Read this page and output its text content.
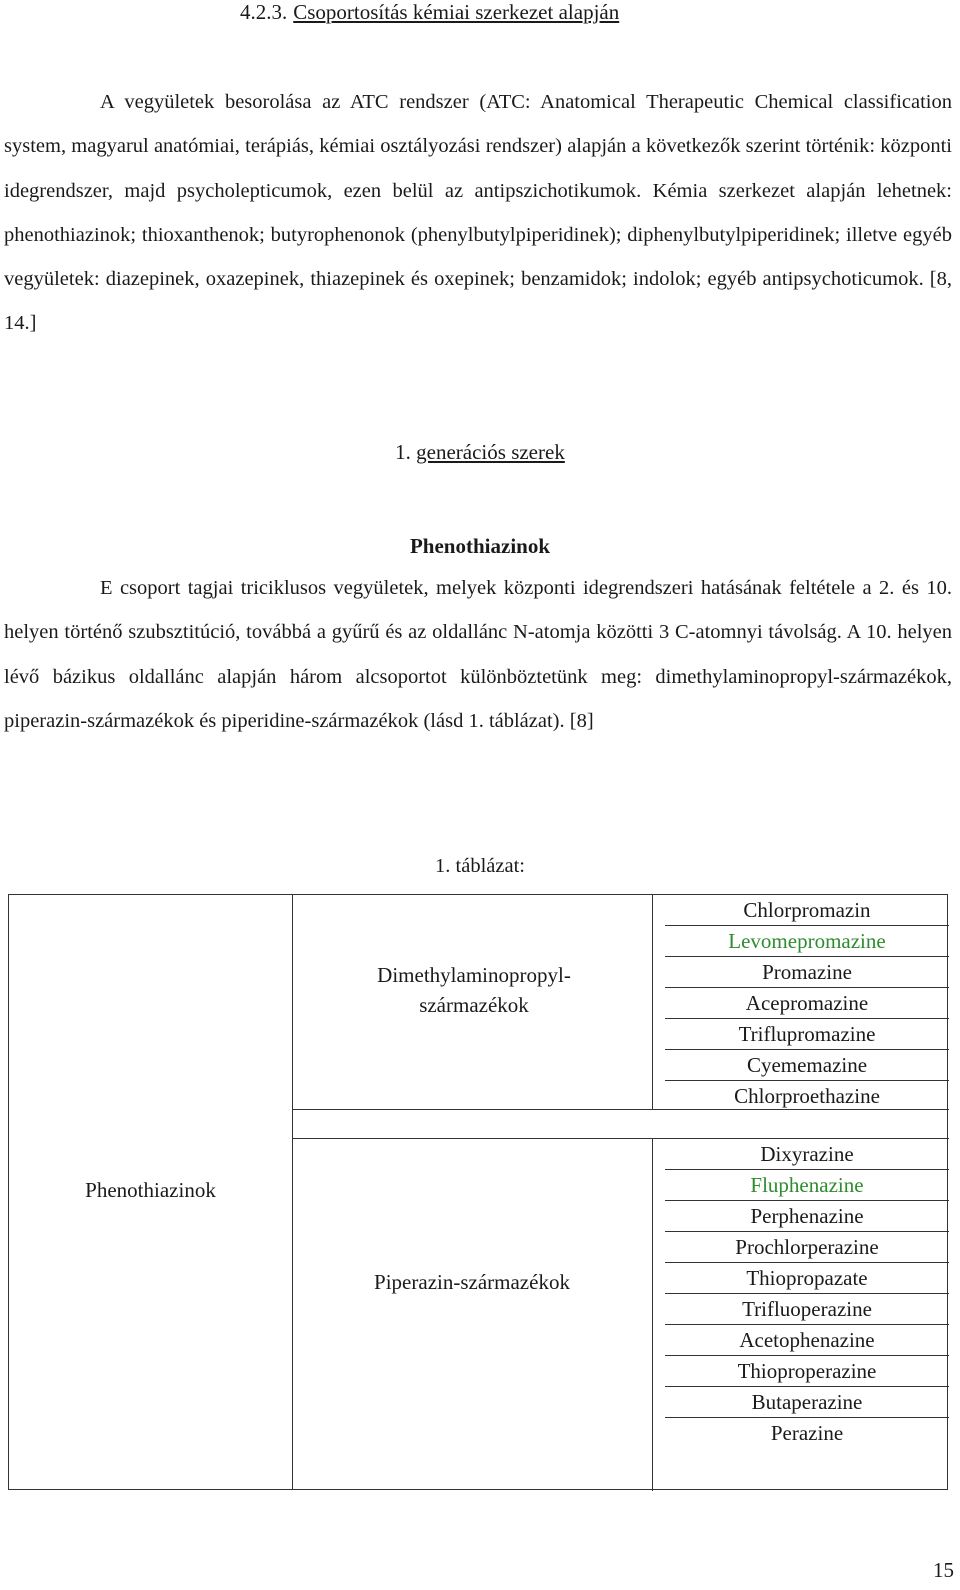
4.2.3. Csoportosítás kémiai szerkezet alapján
A vegyületek besorolása az ATC rendszer (ATC: Anatomical Therapeutic Chemical classification system, magyarul anatómiai, terápiás, kémiai osztályozási rendszer) alapján a következők szerint történik: központi idegrendszer, majd psycholepticumok, ezen belül az antipszichotikumok. Kémia szerkezet alapján lehetnek: phenothiazinok; thioxanthenok; butyrophenonok (phenylbutylpiperidinek); diphenylbutylpiperidinek; illetve egyéb vegyületek: diazepinek, oxazepinek, thiazepinek és oxepinek; benzamidok; indolok; egyéb antipsychoticumok. [8, 14.]
1. generációs szerek
Phenothiazinok
E csoport tagjai triciklusos vegyületek, melyek központi idegrendszeri hatásának feltétele a 2. és 10. helyen történő szubsztitúció, továbbá a gyűrű és az oldallánc N-atomja közötti 3 C-atomnyi távolság. A 10. helyen lévő bázikus oldallánc alapján három alcsoportot különböztetünk meg: dimethylaminopropyl-származékok, piperazin-származékok és piperidine-származékok (lásd 1. táblázat). [8]
1. táblázat:
Phenothiazinok
Dimethylaminopropyl-származékok
Piperazin-származékok
Chlorpromazin
Levomepromazine
Promazine
Acepromazine
Triflupromazine
Cyememazine
Chlorproethazine
Dixyrazine
Fluphenazine
Perphenazine
Prochlorperazine
Thiopropazate
Trifluoperazine
Acetophenazine
Thioproperazine
Butaperazine
Perazine
15
